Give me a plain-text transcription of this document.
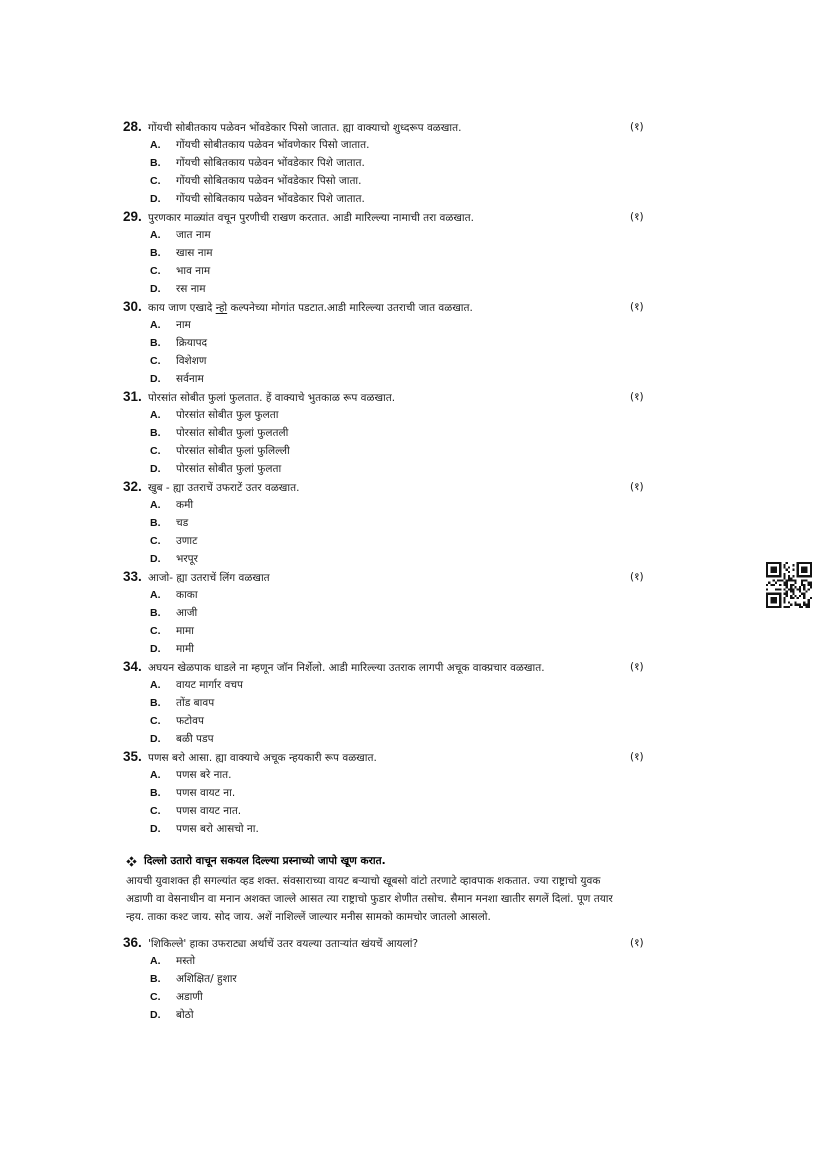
28. गोंयची सोबीतकाय पळेवन भोंवडेकार पिसो जातात. ह्या वाक्याचो शुध्दरूप वळखात.	(१)
A.	गोंयची सोबीतकाय पळेवन भोंवणेकार पिसो जातात.
B.	गोंयची सोबितकाय पळेवन भोंवडेकार पिशे जातात.
C.	गोंयची सोबितकाय पळेवन भोंवडेकार पिसो जाता.
D.	गोंयची सोबितकाय पळेवन भोंवडेकार पिशे जातात.
29. पुरणकार माळ्यांत वचून पुरणीची राखण करतात. आडी मारिल्ल्या नामाची तरा वळखात.	(१)
A.	जात नाम
B.	खास नाम
C.	भाव नाम
D.	रस नाम
30. काय जाण एखादे न्हो कल्पनेच्या मोगांत पडटात.आडी मारिल्ल्या उतराची जात वळखात.	(१)
A.	नाम
B.	क्रियापद
C.	विशेशण
D.	सर्वनाम
31. पोरसांत सोबीत फुलां फुलतात. हें वाक्याचे भुतकाळ रूप वळखात.	(१)
A.	पोरसांत सोबीत फुल फुलता
B.	पोरसांत सोबीत फुलां फुलतली
C.	पोरसांत सोबीत फुलां फुलिल्ली
D.	पोरसांत सोबीत फुलां फुलता
32. खुब - ह्या उतराचें उफराटें उतर वळखात.	(१)
A.	कमी
B.	चड
C.	उणाट
D.	भरपूर
33. आजो- ह्या उतराचें लिंग वळखात	(१)
A.	काका
B.	आजी
C.	मामा
D.	मामी
34. अघयन खेळपाक धाडले ना म्हणून जॉन निर्शेलो. आडी मारिल्ल्या उतराक लागपी अचूक वाक्प्रचार वळखात.	(१)
A.	वायट मार्गार वचप
B.	तोंड बावप
C.	फटोवप
D.	बळी पडप
35. पणस बरो आसा. ह्या वाक्याचे अचूक न्हयकारी रूप वळखात.	(१)
A.	पणस बरे नात.
B.	पणस वायट ना.
C.	पणस वायट नात.
D.	पणस बरो आसचो ना.
दिल्लो उतारो वाचून सकयल दिल्ल्या प्रस्नाच्यो जापो खूण करात.
आयची युवाशक्त ही सगल्यांत व्हड शक्त. संवसाराच्या वायट बऱ्याचो खूबसो वांटो तरणाटे व्हावपाक शकतात. ज्या राष्ट्राचो युवक
अडाणी वा वेसनाधीन वा मनान अशक्त जाल्ले आसत त्या राष्ट्राचो फुडार शेणीत तसोच. सैमान मनशा खातीर सगलें दिलां. पूण तयार
न्हय. ताका कश्ट जाय. सोद जाय. अशें नाशिल्लें जाल्यार मनीस सामको कामचोर जातलो आसलो.
36. 'शिकिल्ले' हाका उफराट्या अर्थाचें उतर वयल्या उताऱ्यांत खंयचें आयलां?	(१)
A.	मस्तो
B.	अशिक्षित/ हुशार
C.	अडाणी
D.	बोठो
